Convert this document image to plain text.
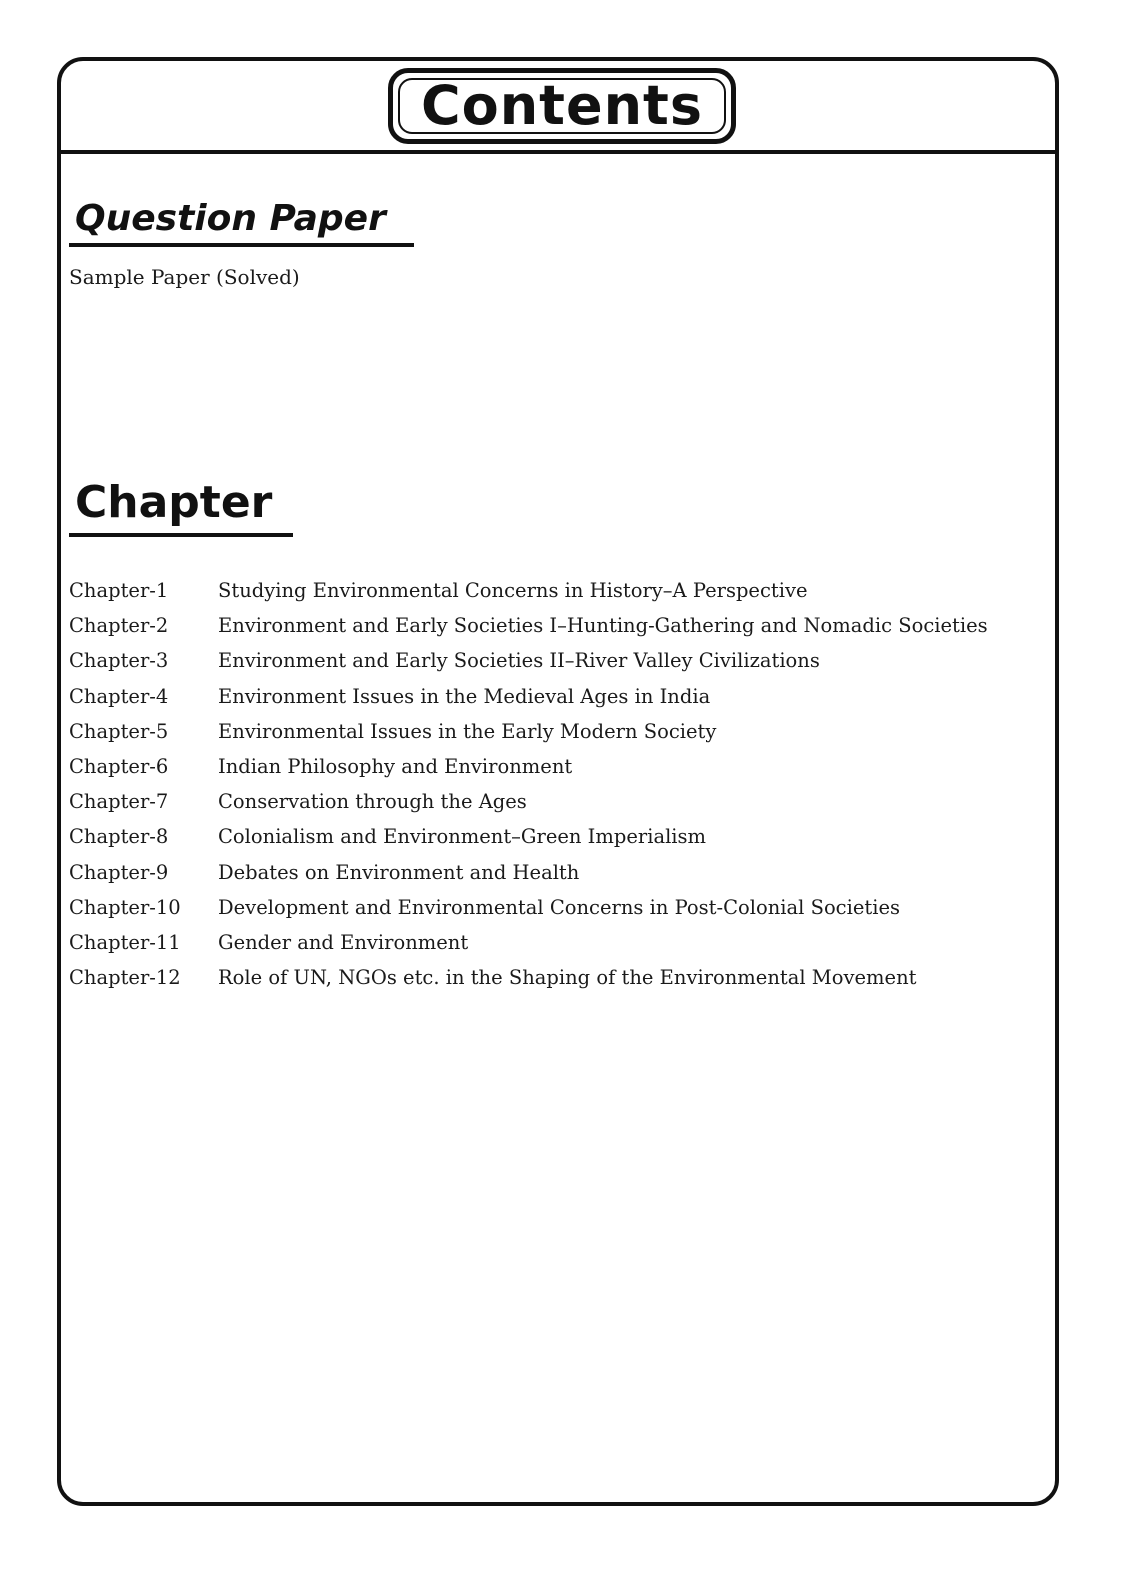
Contents
Question Paper
Sample Paper (Solved)
Chapter
Chapter-1	Studying Environmental Concerns in History–A Perspective
Chapter-2	Environment and Early Societies I–Hunting-Gathering and Nomadic Societies
Chapter-3	Environment and Early Societies II–River Valley Civilizations
Chapter-4	Environment Issues in the Medieval Ages in India
Chapter-5	Environmental Issues in the Early Modern Society
Chapter-6	Indian Philosophy and Environment
Chapter-7	Conservation through the Ages
Chapter-8	Colonialism and Environment–Green Imperialism
Chapter-9	Debates on Environment and Health
Chapter-10	Development and Environmental Concerns in Post-Colonial Societies
Chapter-11	Gender and Environment
Chapter-12	Role of UN, NGOs etc. in the Shaping of the Environmental Movement
